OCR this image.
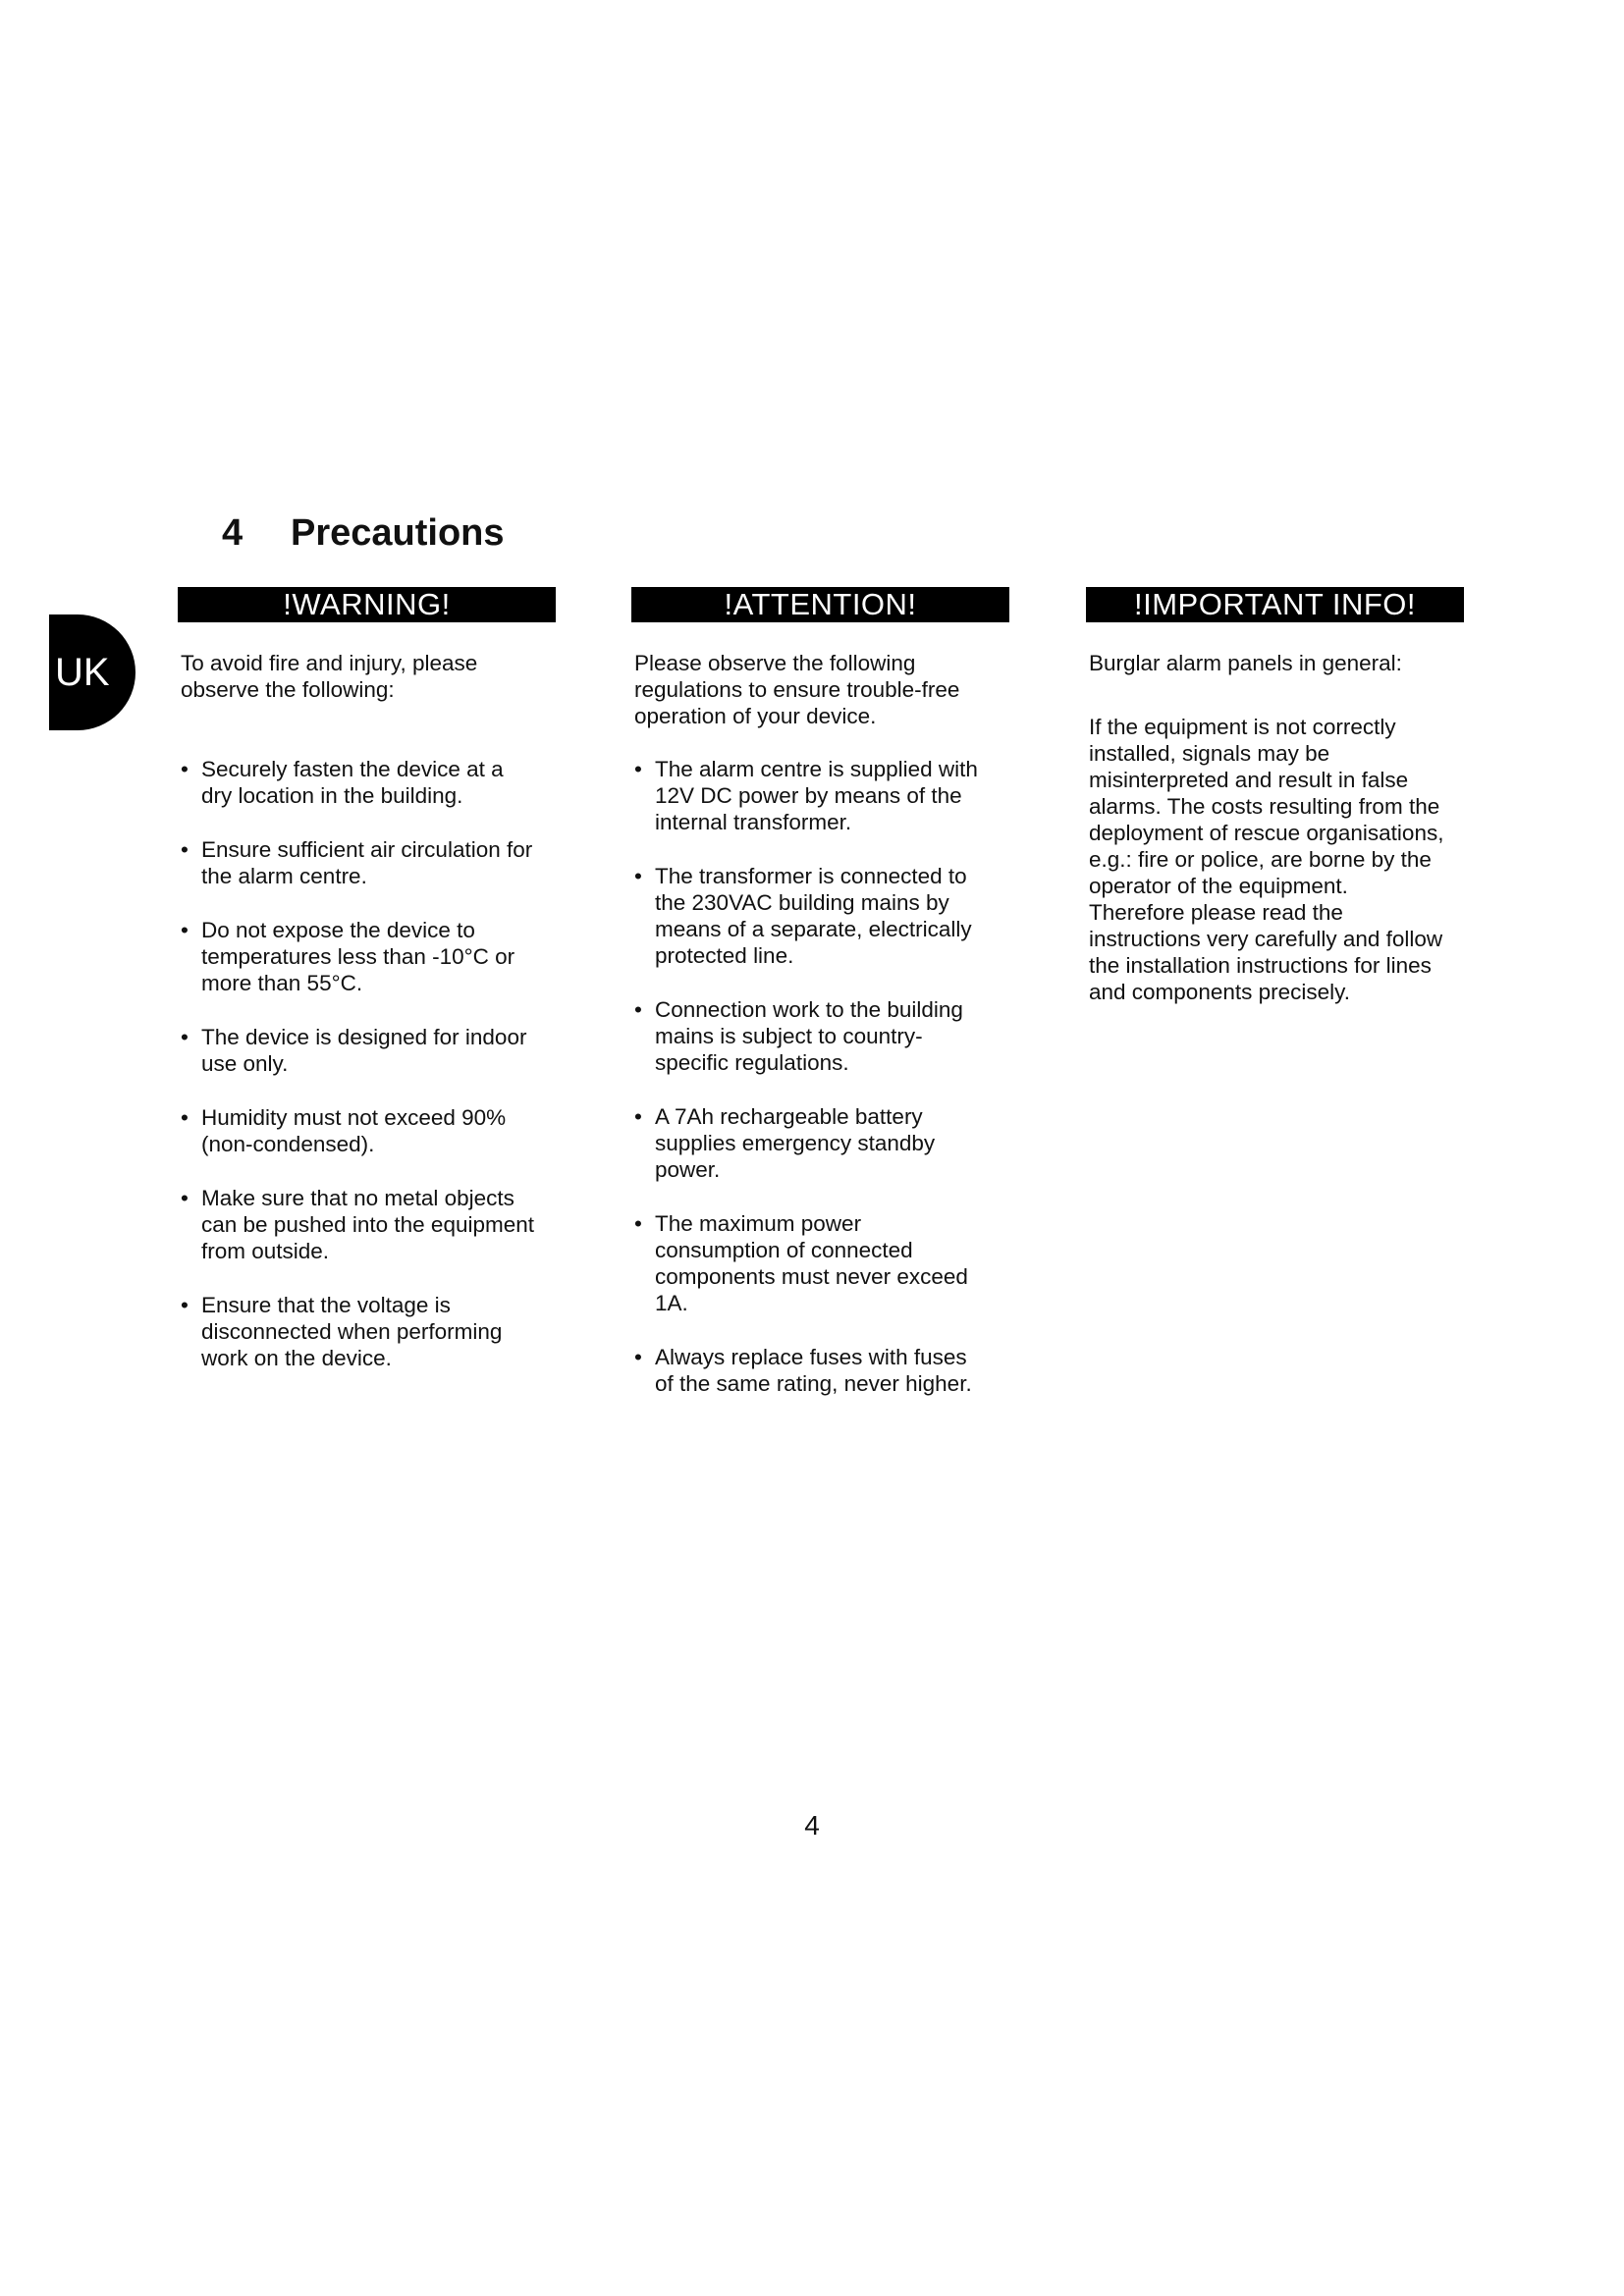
UK
4 Precautions
!WARNING!
To avoid fire and injury, please
observe the following:
• Securely fasten the device at a
dry location in the building.
• Ensure sufficient air circulation for
the alarm centre.
• Do not expose the device to
temperatures less than -10°C or
more than 55°C.
• The device is designed for indoor
use only.
• Humidity must not exceed 90%
(non-condensed).
• Make sure that no metal objects
can be pushed into the equipment
from outside.
• Ensure that the voltage is
disconnected when performing
work on the device.
!ATTENTION!
Please observe the following
regulations to ensure trouble-free
operation of your device.
• The alarm centre is supplied with
12V DC power by means of the
internal transformer.
• The transformer is connected to
the 230VAC building mains by
means of a separate, electrically
protected line.
• Connection work to the building
mains is subject to country-
specific regulations.
• A 7Ah rechargeable battery
supplies emergency standby
power.
• The maximum power
consumption of connected
components must never exceed
1A.
• Always replace fuses with fuses
of the same rating, never higher.
!IMPORTANT INFO!
Burglar alarm panels in general:

If the equipment is not correctly
installed, signals may be
misinterpreted and result in false
alarms. The costs resulting from the
deployment of rescue organisations,
e.g.: fire or police, are borne by the
operator of the equipment.
Therefore please read the
instructions very carefully and follow
the installation instructions for lines
and components precisely.

4
